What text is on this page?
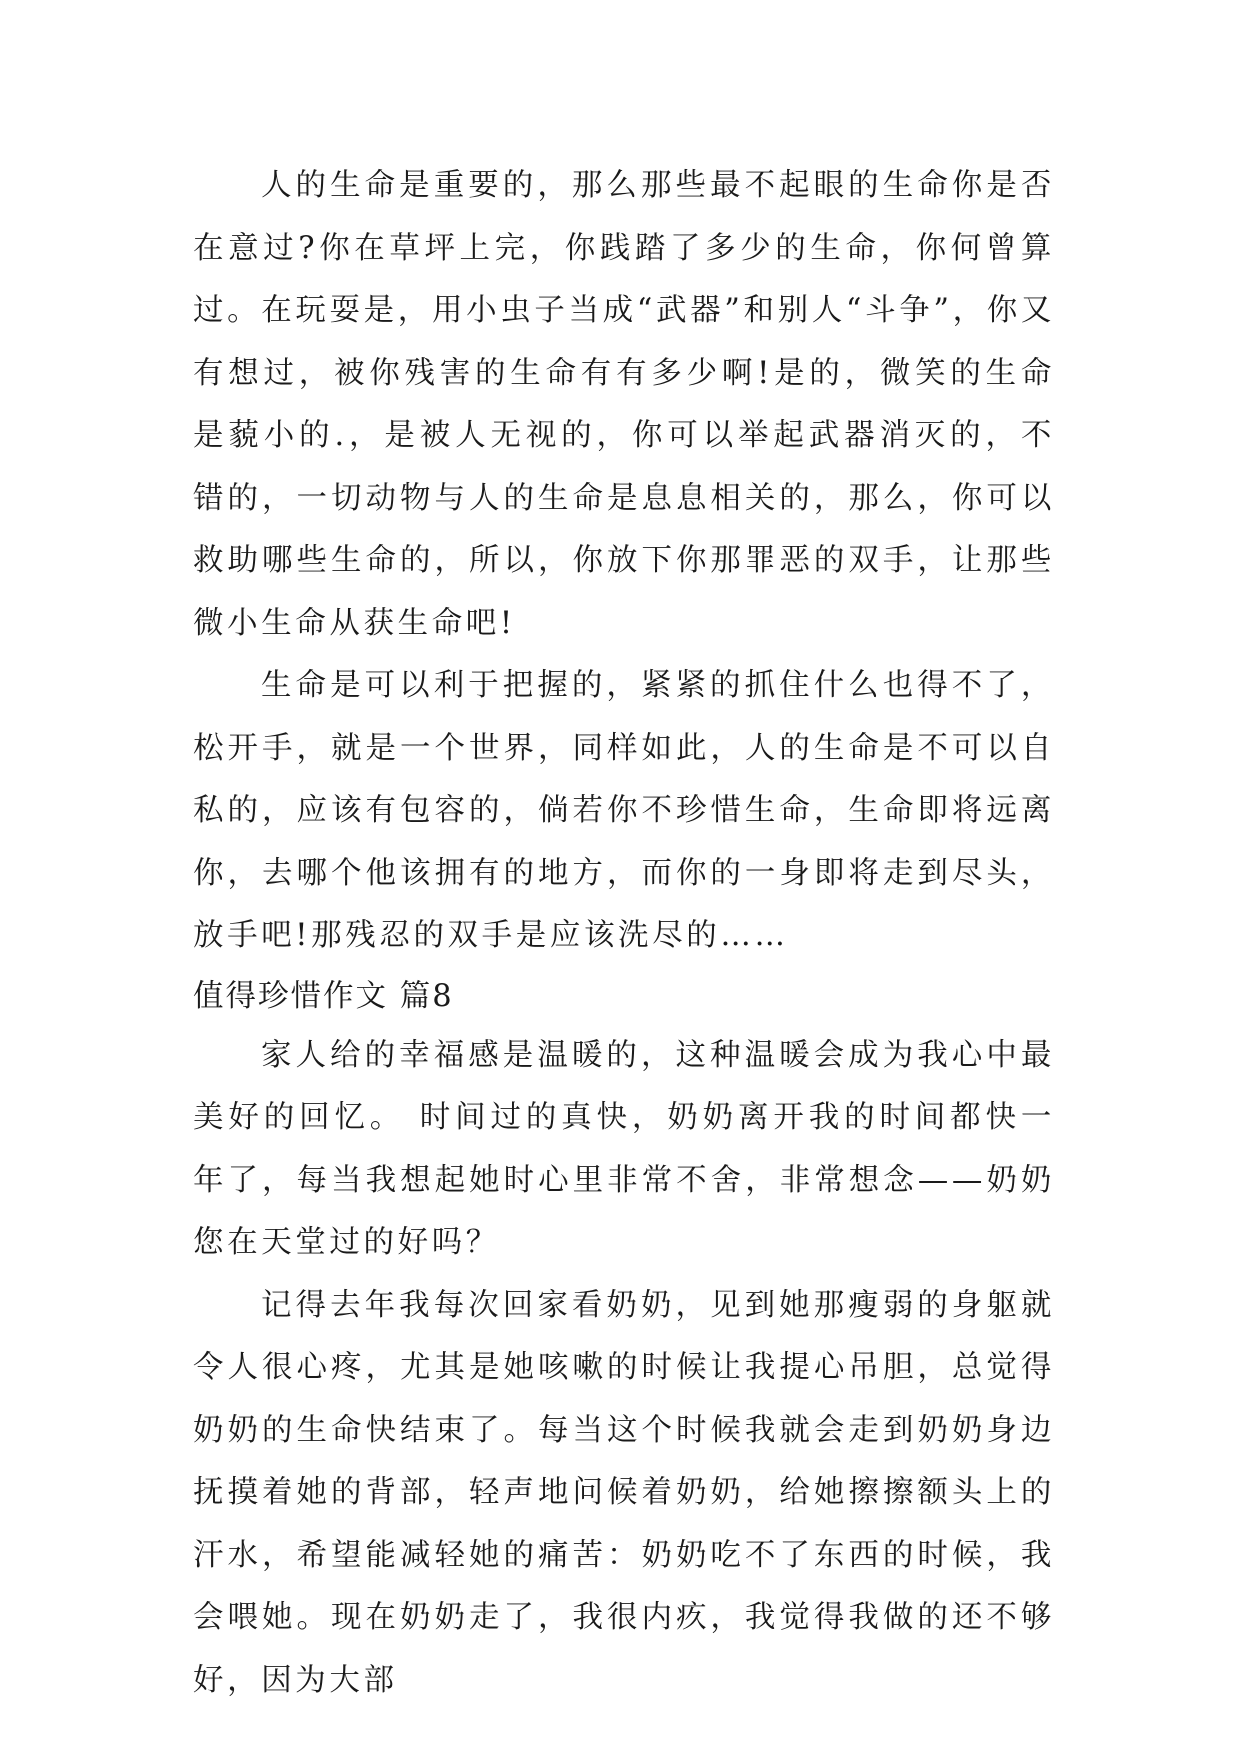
人的生命是重要的，那么那些最不起眼的生命你是否在意过?你在草坪上完，你践踏了多少的生命，你何曾算过。在玩耍是，用小虫子当成“武器”和别人“斗争”，你又有想过，被你残害的生命有有多少啊!是的，微笑的生命是藐小的.，是被人无视的，你可以举起武器消灭的，不错的，一切动物与人的生命是息息相关的，那么，你可以救助哪些生命的，所以，你放下你那罪恶的双手，让那些微小生命从获生命吧!

生命是可以利于把握的，紧紧的抓住什么也得不了，松开手，就是一个世界，同样如此，人的生命是不可以自私的，应该有包容的，倘若你不珍惜生命，生命即将远离你，去哪个他该拥有的地方，而你的一身即将走到尽头，放手吧!那残忍的双手是应该洗尽的……

值得珍惜作文 篇8

家人给的幸福感是温暖的，这种温暖会成为我心中最美好的回忆。 时间过的真快，奶奶离开我的时间都快一年了，每当我想起她时心里非常不舍，非常想念——奶奶您在天堂过的好吗？

记得去年我每次回家看奶奶，见到她那瘦弱的身躯就令人很心疼，尤其是她咳嗽的时候让我提心吊胆，总觉得奶奶的生命快结束了。每当这个时候我就会走到奶奶身边抚摸着她的背部，轻声地问候着奶奶，给她擦擦额头上的汗水，希望能减轻她的痛苦：奶奶吃不了东西的时候，我会喂她。现在奶奶走了，我很内疚，我觉得我做的还不够好，因为大部
